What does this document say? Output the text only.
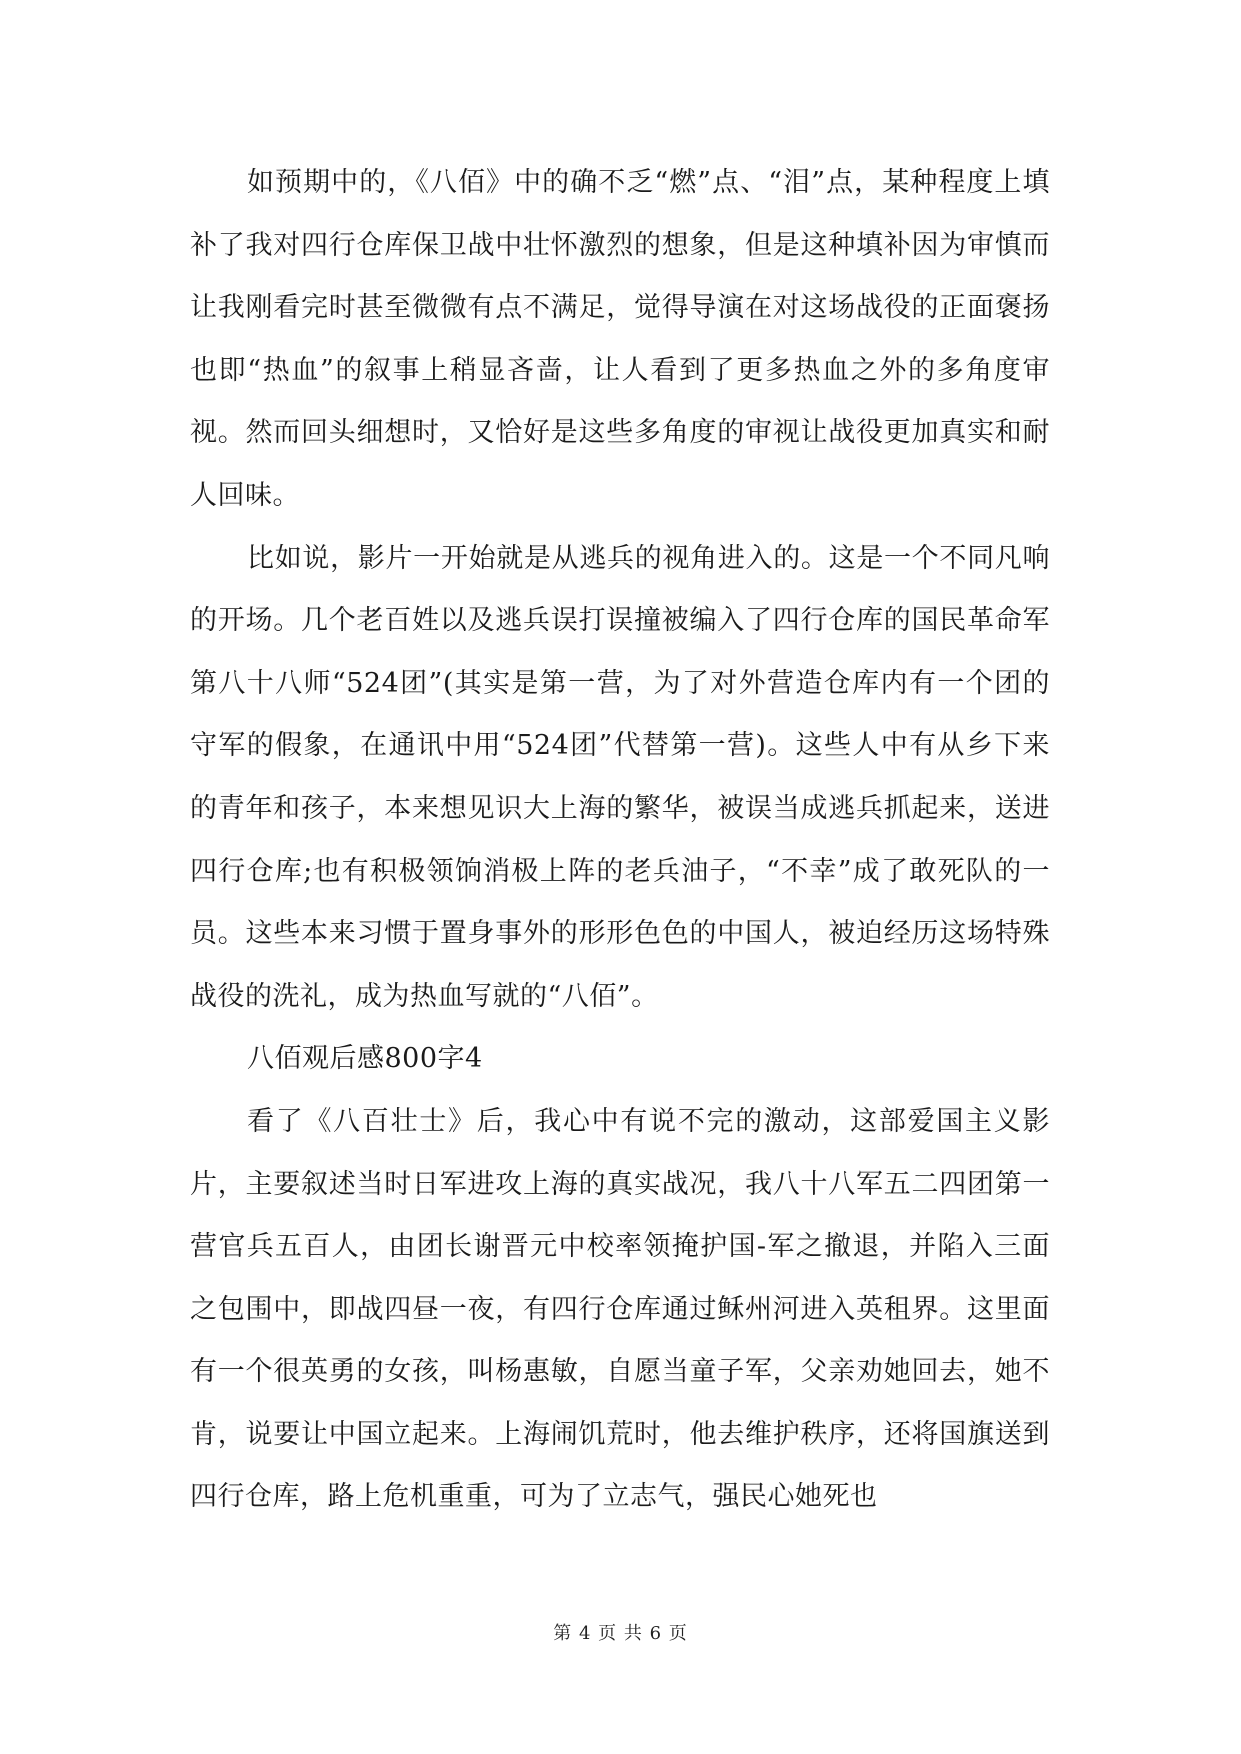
如预期中的，《八佰》中的确不乏“燃”点、“泪”点，某种程度上填补了我对四行仓库保卫战中壮怀激烈的想象，但是这种填补因为审慎而让我刚看完时甚至微微有点不满足，觉得导演在对这场战役的正面褒扬也即“热血”的叙事上稍显吝啬，让人看到了更多热血之外的多角度审视。然而回头细想时，又恰好是这些多角度的审视让战役更加真实和耐人回味。

比如说，影片一开始就是从逃兵的视角进入的。这是一个不同凡响的开场。几个老百姓以及逃兵误打误撞被编入了四行仓库的国民革命军第八十八师“524团”(其实是第一营，为了对外营造仓库内有一个团的守军的假象，在通讯中用“524团”代替第一营)。这些人中有从乡下来的青年和孩子，本来想见识大上海的繁华，被误当成逃兵抓起来，送进四行仓库;也有积极领饷消极上阵的老兵油子，“不幸”成了敢死队的一员。这些本来习惯于置身事外的形形色色的中国人，被迫经历这场特殊战役的洗礼，成为热血写就的“八佰”。

八佰观后感800字4

看了《八百壮士》后，我心中有说不完的激动，这部爱国主义影片，主要叙述当时日军进攻上海的真实战况，我八十八军五二四团第一营官兵五百人，由团长谢晋元中校率领掩护国-军之撤退，并陷入三面之包围中，即战四昼一夜，有四行仓库通过稣州河进入英租界。这里面有一个很英勇的女孩，叫杨惠敏，自愿当童子军，父亲劝她回去，她不肯，说要让中国立起来。上海闹饥荒时，他去维护秩序，还将国旗送到四行仓库，路上危机重重，可为了立志气，强民心她死也

第 4 页 共 6 页
